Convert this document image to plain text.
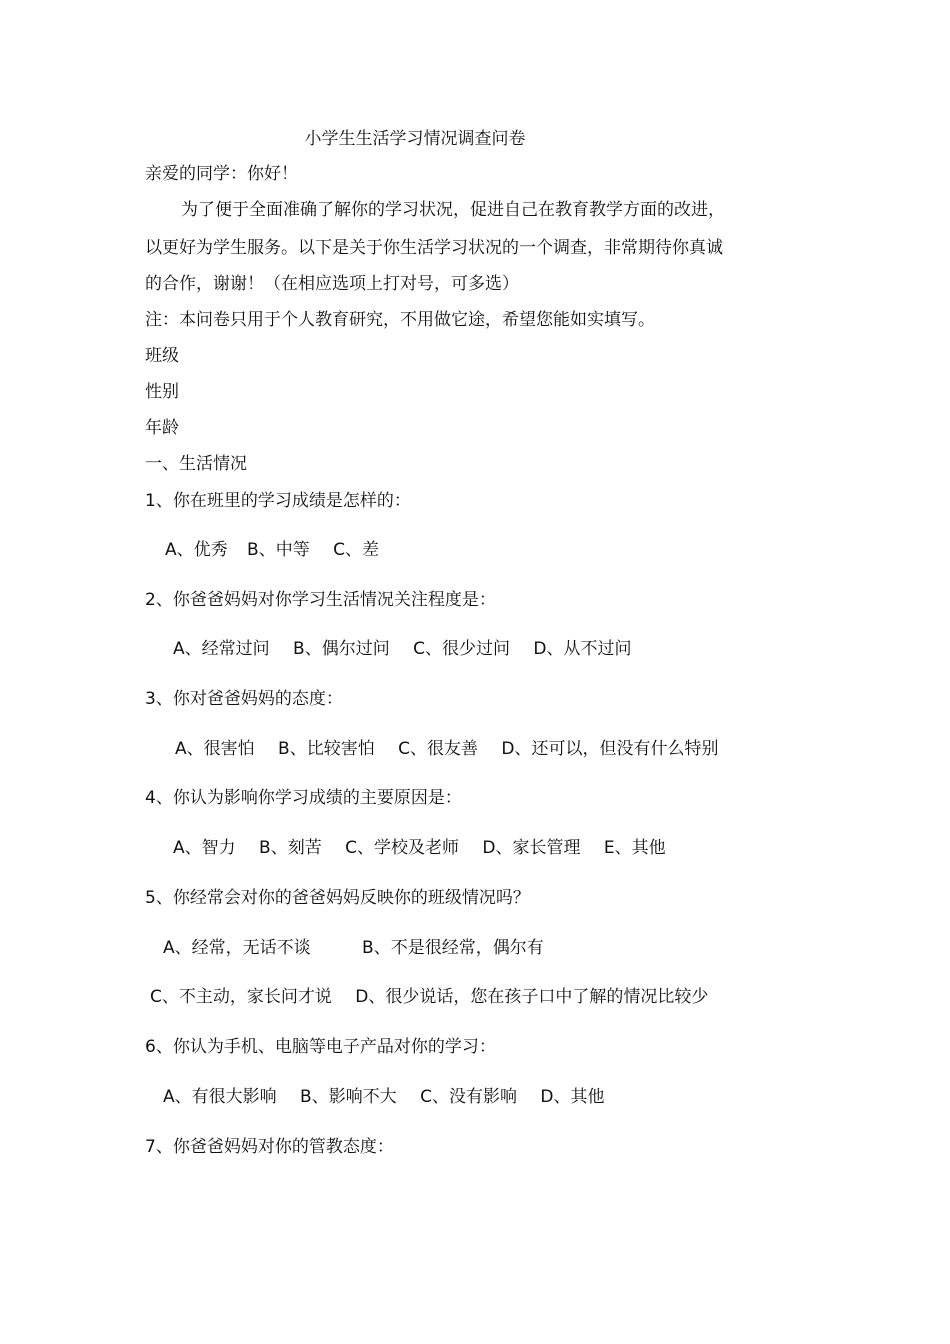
小学生生活学习情况调查问卷
亲爱的同学：你好！
为了便于全面准确了解你的学习状况，促进自己在教育教学方面的改进，
以更好为学生服务。以下是关于你生活学习状况的一个调查，非常期待你真诚
的合作，谢谢！（在相应选项上打对号，可多选）
注：本问卷只用于个人教育研究，不用做它途，希望您能如实填写。
班级
性别
年龄
一、生活情况
1、你在班里的学习成绩是怎样的：
A、优秀 B、中等 C、差
2、你爸爸妈妈对你学习生活情况关注程度是：
A、经常过问 B、偶尔过问 C、很少过问 D、从不过问
3、你对爸爸妈妈的态度：
A、很害怕 B、比较害怕 C、很友善 D、还可以，但没有什么特别
4、你认为影响你学习成绩的主要原因是：
A、智力 B、刻苦 C、学校及老师 D、家长管理 E、其他
5、你经常会对你的爸爸妈妈反映你的班级情况吗？
A、经常，无话不谈	B、不是很经常，偶尔有
C、不主动，家长问才说 D、很少说话，您在孩子口中了解的情况比较少
6、你认为手机、电脑等电子产品对你的学习：
A、有很大影响 B、影响不大 C、没有影响 D、其他
7、你爸爸妈妈对你的管教态度：
